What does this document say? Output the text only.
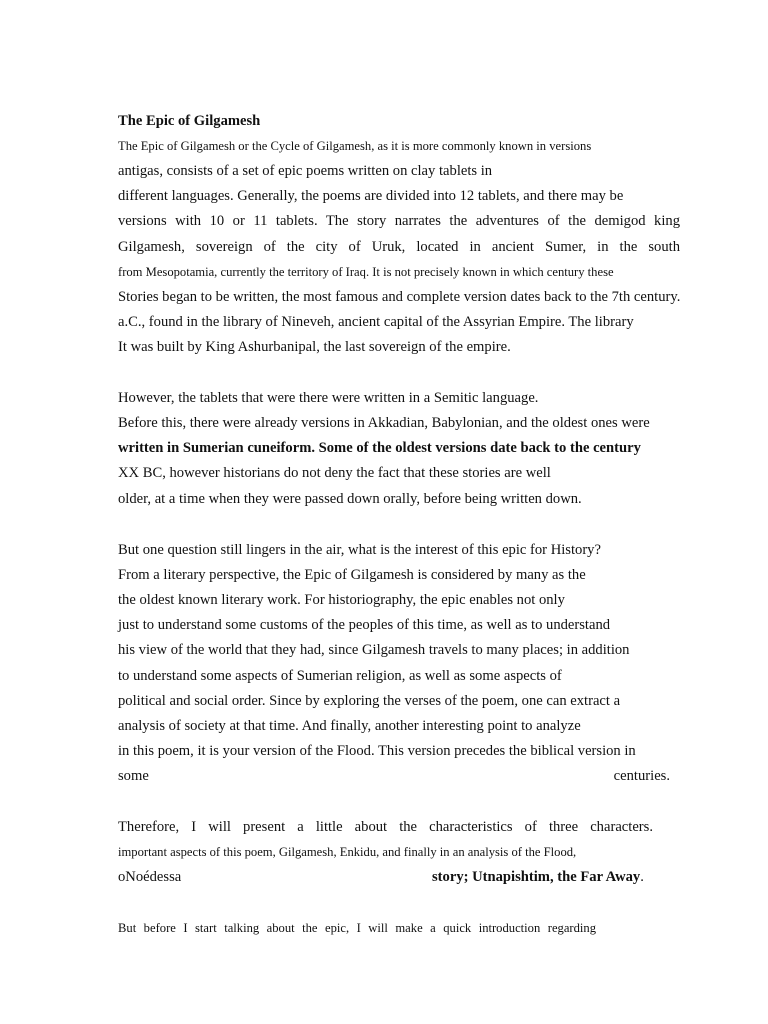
The Epic of Gilgamesh
The Epic of Gilgamesh or the Cycle of Gilgamesh, as it is more commonly known in versions
antigas, consists of a set of epic poems written on clay tablets in
different languages. Generally, the poems are divided into 12 tablets, and there may be
versions with 10 or 11 tablets. The story narrates the adventures of the demigod king
Gilgamesh, sovereign of the city of Uruk, located in ancient Sumer, in the south
from Mesopotamia, currently the territory of Iraq. It is not precisely known in which century these
Stories began to be written, the most famous and complete version dates back to the 7th century.
a.C., found in the library of Nineveh, ancient capital of the Assyrian Empire. The library
It was built by King Ashurbanipal, the last sovereign of the empire.
However, the tablets that were there were written in a Semitic language.
Before this, there were already versions in Akkadian, Babylonian, and the oldest ones were
written in Sumerian cuneiform. Some of the oldest versions date back to the century
XX BC, however historians do not deny the fact that these stories are well
older, at a time when they were passed down orally, before being written down.
But one question still lingers in the air, what is the interest of this epic for History?
From a literary perspective, the Epic of Gilgamesh is considered by many as the
the oldest known literary work. For historiography, the epic enables not only
just to understand some customs of the peoples of this time, as well as to understand
his view of the world that they had, since Gilgamesh travels to many places; in addition
to understand some aspects of Sumerian religion, as well as some aspects of
political and social order. Since by exploring the verses of the poem, one can extract a
analysis of society at that time. And finally, another interesting point to analyze
in this poem, it is your version of the Flood. This version precedes the biblical version in
some	centuries.
Therefore, I will present a little about the characteristics of three characters.
important aspects of this poem, Gilgamesh, Enkidu, and finally in an analysis of the Flood,
oNoédessa	story; Utnapishtim, the Far Away.
But before I start talking about the epic, I will make a quick introduction regarding
